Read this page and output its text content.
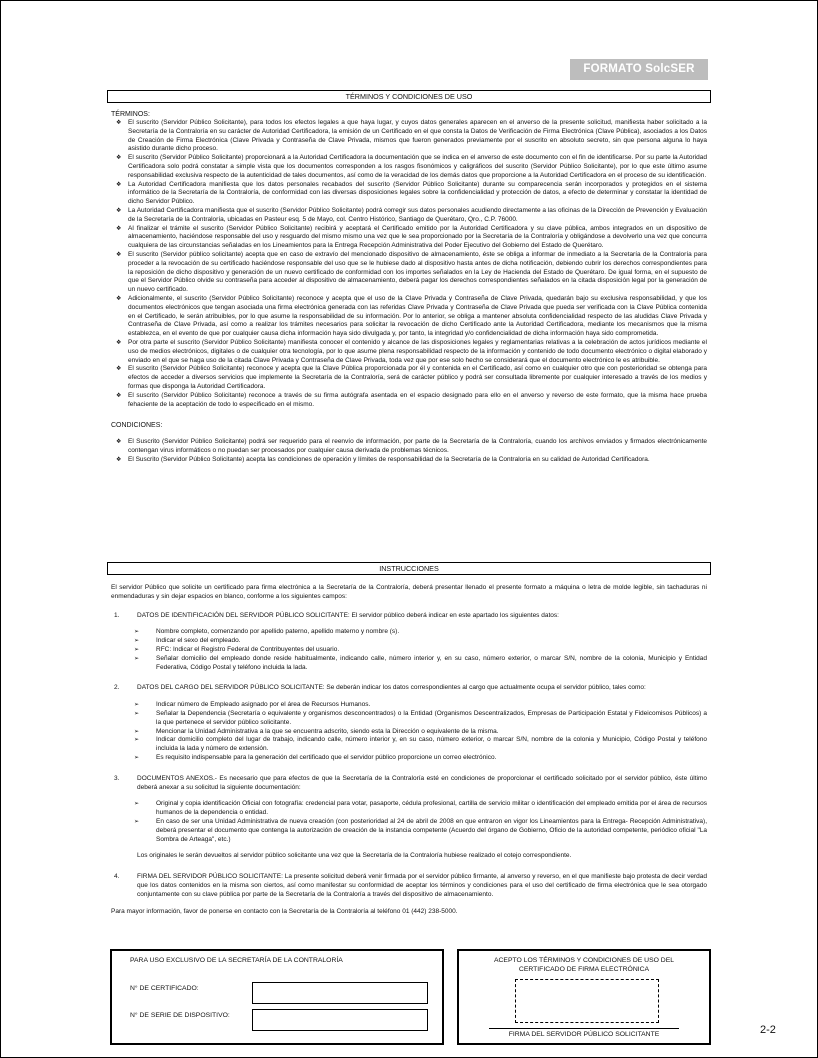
FORMATO SolcSER
TÉRMINOS Y CONDICIONES DE USO

TÉRMINOS:

❖ El suscrito (Servidor Público Solicitante), para todos los efectos legales a que haya lugar, y cuyos datos generales aparecen en el anverso de la presente solicitud, manifiesta haber solicitado a la Secretaría de la Contraloría en su carácter de Autoridad Certificadora, la emisión de un Certificado en el que consta la Datos de Verificación de Firma Electrónica (Clave Pública), asociados a los Datos de Creación de Firma Electrónica (Clave Privada y Contraseña de Clave Privada, mismos que fueron generados previamente por el suscrito en absoluto secreto, sin que persona alguna lo haya asistido durante dicho proceso.
❖ El suscrito (Servidor Público Solicitante) proporcionará a la Autoridad Certificadora la documentación que se indica en el anverso de este documento con el fin de identificarse. Por su parte la Autoridad Certificadora solo podrá constatar a simple vista que los documentos corresponden a los rasgos fisonómicos y caligráficos del suscrito (Servidor Público Solicitante), por lo que este último asume responsabilidad exclusiva respecto de la autenticidad de tales documentos, así como de la veracidad de los demás datos que proporcione a la Autoridad Certificadora en el proceso de su identificación.
❖ La Autoridad Certificadora manifiesta que los datos personales recabados del suscrito (Servidor Público Solicitante) durante su comparecencia serán incorporados y protegidos en el sistema informático de la Secretaría de la Contraloría, de conformidad con las diversas disposiciones legales sobre la confidencialidad y protección de datos, a efecto de determinar y constatar la identidad de dicho Servidor Público.
❖ La Autoridad Certificadora manifiesta que el suscrito (Servidor Público Solicitante) podrá corregir sus datos personales acudiendo directamente a las oficinas de la Dirección de Prevención y Evaluación de la Secretaría de la Contraloría, ubicadas en Pasteur esq. 5 de Mayo, col. Centro Histórico, Santiago de Querétaro, Qro., C.P. 76000.
❖ Al finalizar el trámite el suscrito (Servidor Público Solicitante) recibirá y aceptará el Certificado emitido por la Autoridad Certificadora y su clave pública, ambos integrados en un dispositivo de almacenamiento, haciéndose responsable del uso y resguardo del mismo mismo una vez que le sea proporcionado por la Secretaría de la Contraloría y obligándose a devolverlo una vez que concurra cualquiera de las circunstancias señaladas en los Lineamientos para la Entrega Recepción Administrativa del Poder Ejecutivo del Gobierno del Estado de Querétaro.
❖ El suscrito (Servidor público solicitante) acepta que en caso de extravío del mencionado dispositivo de almacenamiento, éste se obliga a informar de inmediato a la Secretaría de la Contraloría para proceder a la revocación de su certificado haciéndose responsable del uso que se le hubiese dado al dispositivo hasta antes de dicha notificación, debiendo cubrir los derechos correspondientes para la reposición de dicho dispositivo y generación de un nuevo certificado de conformidad con los importes señalados en la Ley de Hacienda del Estado de Querétaro. De igual forma, en el supuesto de que el Servidor Público olvide su contraseña para acceder al dispositivo de almacenamiento, deberá pagar los derechos correspondientes señalados en la citada disposición legal por la generación de un nuevo certificado.
❖ Adicionalmente, el suscrito (Servidor Público Solicitante) reconoce y acepta que el uso de la Clave Privada y Contraseña de Clave Privada, quedarán bajo su exclusiva responsabilidad, y que los documentos electrónicos que tengan asociada una firma electrónica generada con las referidas Clave Privada y Contraseña de Clave Privada que pueda ser verificada con la Clave Pública contenida en el Certificado, le serán atribuibles, por lo que asume la responsabilidad de su información. Por lo anterior, se obliga a mantener absoluta confidencialidad respecto de las aludidas Clave Privada y Contraseña de Clave Privada, así como a realizar los trámites necesarios para solicitar la revocación de dicho Certificado ante la Autoridad Certificadora, mediante los mecanismos que la misma establezca, en el evento de que por cualquier causa dicha información haya sido divulgada y, por tanto, la integridad y/o confidencialidad de dicha información haya sido comprometida.
❖ Por otra parte el suscrito (Servidor Público Solicitante) manifiesta conocer el contenido y alcance de las disposiciones legales y reglamentarias relativas a la celebración de actos jurídicos mediante el uso de medios electrónicos, digitales o de cualquier otra tecnología, por lo que asume plena responsabilidad respecto de la información y contenido de todo documento electrónico o digital elaborado y enviado en el que se haga uso de la citada Clave Privada y Contraseña de Clave Privada, toda vez que por ese solo hecho se considerará que el documento electrónico le es atribuible.
❖ El suscrito (Servidor Público Solicitante) reconoce y acepta que la Clave Pública proporcionada por él y contenida en el Certificado, así como en cualquier otro que con posterioridad se obtenga para efectos de acceder a diversos servicios que implemente la Secretaría de la Contraloría, será de carácter público y podrá ser consultada libremente por cualquier interesado a través de los medios y formas que disponga la Autoridad Certificadora.
❖ El suscrito (Servidor Público Solicitante) reconoce a través de su firma autógrafa asentada en el espacio designado para ello en el anverso y reverso de este formato, que la misma hace prueba fehaciente de la aceptación de todo lo especificado en el mismo.

CONDICIONES:

❖ El Suscrito (Servidor Público Solicitante) podrá ser requerido para el reenvío de información, por parte de la Secretaría de la Contraloría, cuando los archivos enviados y firmados electrónicamente contengan virus informáticos o no puedan ser procesados por cualquier causa derivada de problemas técnicos.
❖ El Suscrito (Servidor Público Solicitante) acepta las condiciones de operación y límites de responsabilidad de la Secretaría de la Contraloría en su calidad de Autoridad Certificadora.
INSTRUCCIONES

El servidor Público que solicite un certificado para firma electrónica a la Secretaría de la Contraloría, deberá presentar llenado el presente formato a máquina o letra de molde legible, sin tachaduras ni enmendaduras y sin dejar espacios en blanco, conforme a los siguientes campos:

1.	DATOS DE IDENTIFICACIÓN DEL SERVIDOR PÚBLICO SOLICITANTE: El servidor público deberá indicar en este apartado los siguientes datos:

➢	Nombre completo, comenzando por apellido paterno, apellido materno y nombre (s).
➢	Indicar el sexo del empleado.
➢	RFC: Indicar el Registro Federal de Contribuyentes del usuario.
➢	Señalar domicilio del empleado donde reside habitualmente, indicando calle, número interior y, en su caso, número exterior, o marcar S/N, nombre de la colonia, Municipio y Entidad Federativa, Código Postal y teléfono incluida la lada.
2.	DATOS DEL CARGO DEL SERVIDOR PÚBLICO SOLICITANTE: Se deberán indicar los datos correspondientes al cargo que actualmente ocupa el servidor público, tales como:

➢	Indicar número de Empleado asignado por el área de Recursos Humanos.
➢	Señalar la Dependencia (Secretaría o equivalente y organismos desconcentrados) o la Entidad (Organismos Descentralizados, Empresas de Participación Estatal y Fideicomisos Públicos) a la que pertenece el servidor público solicitante.
➢	Mencionar la Unidad Administrativa a la que se encuentra adscrito, siendo esta la Dirección o equivalente de la misma.
➢	Indicar domicilio completo del lugar de trabajo, indicando calle, número interior y, en su caso, número exterior, o marcar S/N, nombre de la colonia y Municipio, Código Postal y teléfono incluida la lada y número de extensión.
➢	Es requisito indispensable para la generación del certificado que el servidor público proporcione un correo electrónico.
3.	DOCUMENTOS ANEXOS.- Es necesario que para efectos de que la Secretaría de la Contraloría esté en condiciones de proporcionar el certificado solicitado por el servidor público, éste último deberá anexar a su solicitud la siguiente documentación:

➢	Original y copia identificación Oficial con fotografía: credencial para votar, pasaporte, cédula profesional, cartilla de servicio militar o identificación del empleado emitida por el área de recursos humanos de la dependencia o entidad.
➢	En caso de ser una Unidad Administrativa de nueva creación (con posterioridad al 24 de abril de 2008 en que entraron en vigor los Lineamientos para la Entrega- Recepción Administrativa), deberá presentar el documento que contenga la autorización de creación de la instancia competente (Acuerdo del órgano de Gobierno, Oficio de la autoridad competente, periódico oficial "La Sombra de Arteaga", etc.)

Los originales le serán devueltos al servidor público solicitante una vez que la Secretaría de la Contraloría hubiese realizado el cotejo correspondiente.

4.	FIRMA DEL SERVIDOR PÚBLICO SOLICITANTE: La presente solicitud deberá venir firmada por el servidor público firmante, al anverso y reverso, en el que manifieste bajo protesta de decir verdad que los datos contenidos en la misma son ciertos, así como manifestar su conformidad de aceptar los términos y condiciones para el uso del certificado de firma electrónica que le sea otorgado conjuntamente con su clave pública por parte de la Secretaría de la Contraloría a través del dispositivo de almacenamiento.

Para mayor información, favor de ponerse en contacto con la Secretaría de la Contraloría al teléfono 01 (442) 238-5000.

PARA USO EXCLUSIVO DE LA SECRETARÍA DE LA CONTRALORÍA
N° DE CERTIFICADO:
N° DE SERIE DE DISPOSITIVO:
ACEPTO LOS TÉRMINOS Y CONDICIONES DE USO DEL
CERTIFICADO DE FIRMA ELECTRÓNICA
FIRMA DEL SERVIDOR PÚBLICO SOLICITANTE	2-2
